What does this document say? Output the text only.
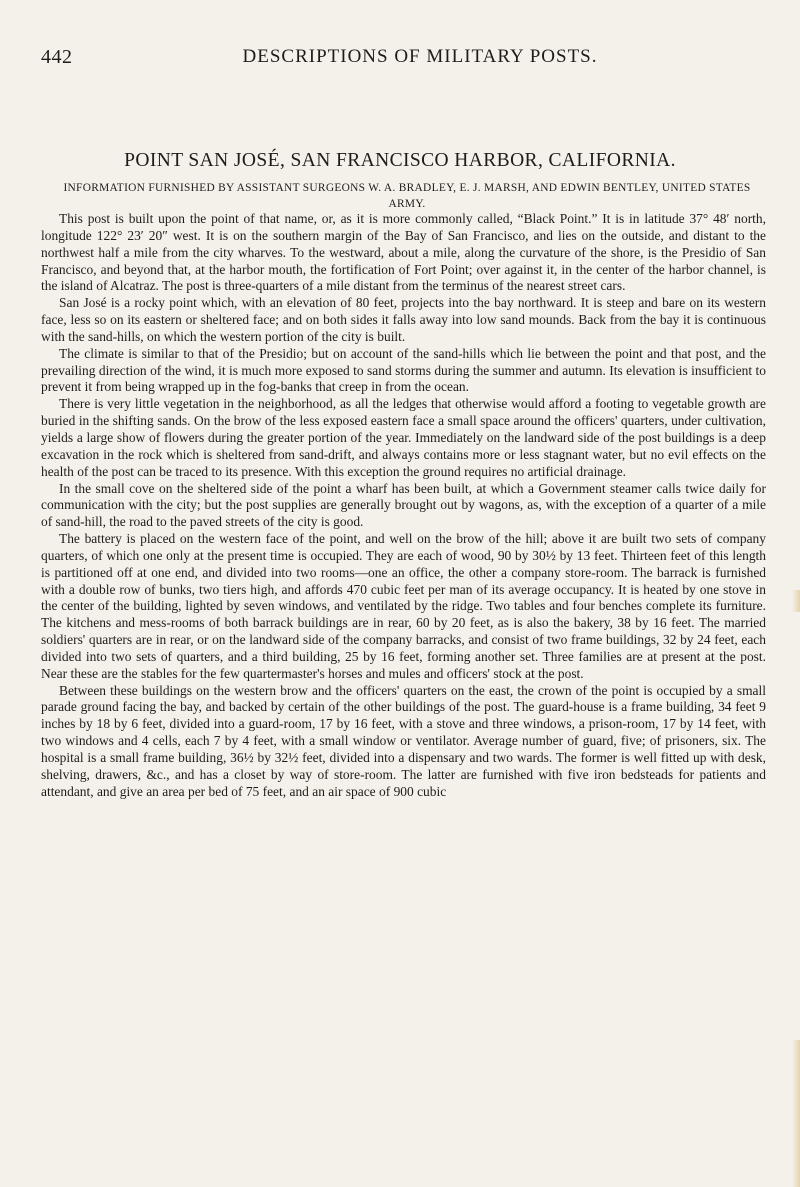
442	DESCRIPTIONS OF MILITARY POSTS.
POINT SAN JOSÉ, SAN FRANCISCO HARBOR, CALIFORNIA.
INFORMATION FURNISHED BY ASSISTANT SURGEONS W. A. BRADLEY, E. J. MARSH, AND EDWIN BENTLEY, UNITED STATES ARMY.

This post is built upon the point of that name, or, as it is more commonly called, “Black Point.” It is in latitude 37° 48′ north, longitude 122° 23′ 20″ west. It is on the southern margin of the Bay of San Francisco, and lies on the outside, and distant to the northwest half a mile from the city wharves. To the westward, about a mile, along the curvature of the shore, is the Presidio of San Francisco, and beyond that, at the harbor mouth, the fortification of Fort Point; over against it, in the center of the harbor channel, is the island of Alcatraz. The post is three-quarters of a mile distant from the terminus of the nearest street cars.

San José is a rocky point which, with an elevation of 80 feet, projects into the bay northward. It is steep and bare on its western face, less so on its eastern or sheltered face; and on both sides it falls away into low sand mounds. Back from the bay it is continuous with the sand-hills, on which the western portion of the city is built.

The climate is similar to that of the Presidio; but on account of the sand-hills which lie between the point and that post, and the prevailing direction of the wind, it is much more exposed to sand storms during the summer and autumn. Its elevation is insufficient to prevent it from being wrapped up in the fog-banks that creep in from the ocean.

There is very little vegetation in the neighborhood, as all the ledges that otherwise would afford a footing to vegetable growth are buried in the shifting sands. On the brow of the less exposed eastern face a small space around the officers' quarters, under cultivation, yields a large show of flowers during the greater portion of the year. Immediately on the landward side of the post buildings is a deep excavation in the rock which is sheltered from sand-drift, and always contains more or less stagnant water, but no evil effects on the health of the post can be traced to its presence. With this exception the ground requires no artificial drainage.

In the small cove on the sheltered side of the point a wharf has been built, at which a Government steamer calls twice daily for communication with the city; but the post supplies are generally brought out by wagons, as, with the exception of a quarter of a mile of sand-hill, the road to the paved streets of the city is good.

The battery is placed on the western face of the point, and well on the brow of the hill; above it are built two sets of company quarters, of which one only at the present time is occupied. They are each of wood, 90 by 30½ by 13 feet. Thirteen feet of this length is partitioned off at one end, and divided into two rooms—one an office, the other a company store-room. The barrack is furnished with a double row of bunks, two tiers high, and affords 470 cubic feet per man of its average occupancy. It is heated by one stove in the center of the building, lighted by seven windows, and ventilated by the ridge. Two tables and four benches complete its furniture. The kitchens and mess-rooms of both barrack buildings are in rear, 60 by 20 feet, as is also the bakery, 38 by 16 feet. The married soldiers' quarters are in rear, or on the landward side of the company barracks, and consist of two frame buildings, 32 by 24 feet, each divided into two sets of quarters, and a third building, 25 by 16 feet, forming another set. Three families are at present at the post. Near these are the stables for the few quartermaster's horses and mules and officers' stock at the post.

Between these buildings on the western brow and the officers' quarters on the east, the crown of the point is occupied by a small parade ground facing the bay, and backed by certain of the other buildings of the post. The guard-house is a frame building, 34 feet 9 inches by 18 by 6 feet, divided into a guard-room, 17 by 16 feet, with a stove and three windows, a prison-room, 17 by 14 feet, with two windows and 4 cells, each 7 by 4 feet, with a small window or ventilator. Average number of guard, five; of prisoners, six. The hospital is a small frame building, 36½ by 32½ feet, divided into a dispensary and two wards. The former is well fitted up with desk, shelving, drawers, &c., and has a closet by way of store-room. The latter are furnished with five iron bedsteads for patients and attendant, and give an area per bed of 75 feet, and an air space of 900 cubic
